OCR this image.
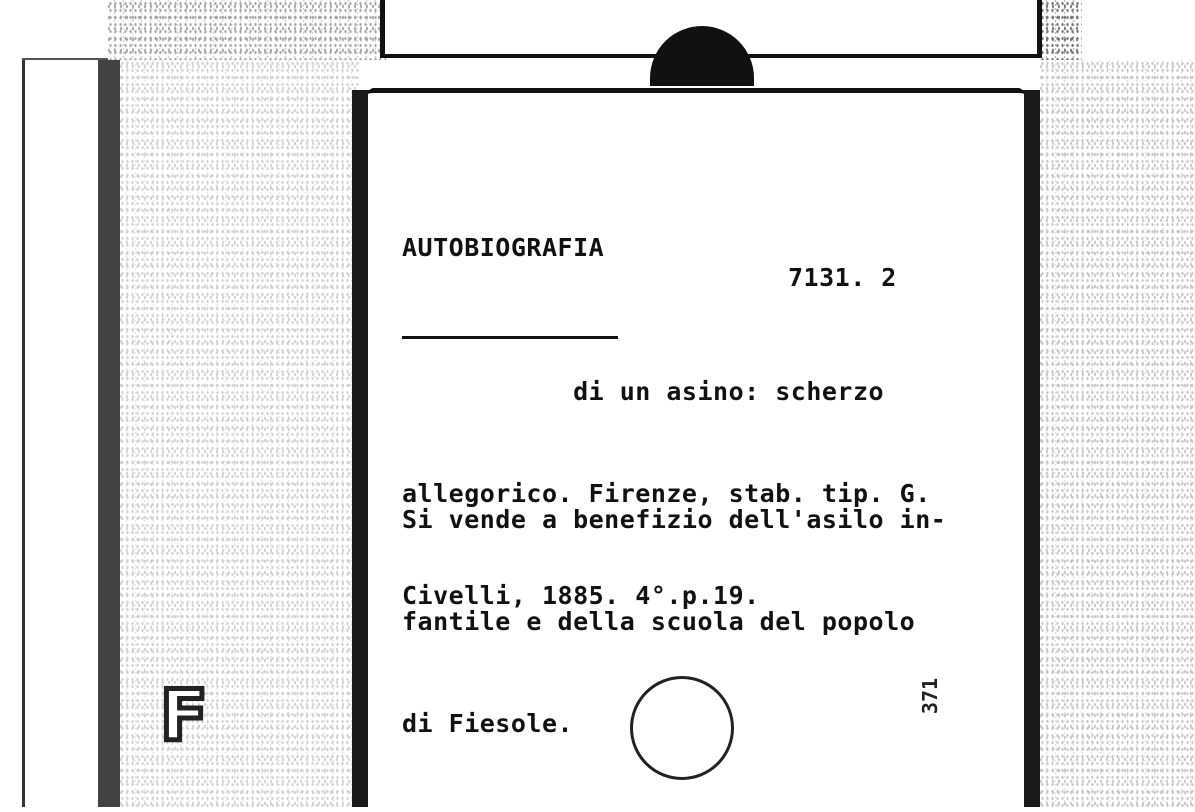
F
7131. 2
AUTOBIOGRAFIA

di un asino: scherzo

allegorico. Firenze, stab. tip. G.

Civelli, 1885. 4°.p.19.

Si vende a benefizio dell'asilo in-

fantile e della scuola del popolo

di Fiesole.

371
